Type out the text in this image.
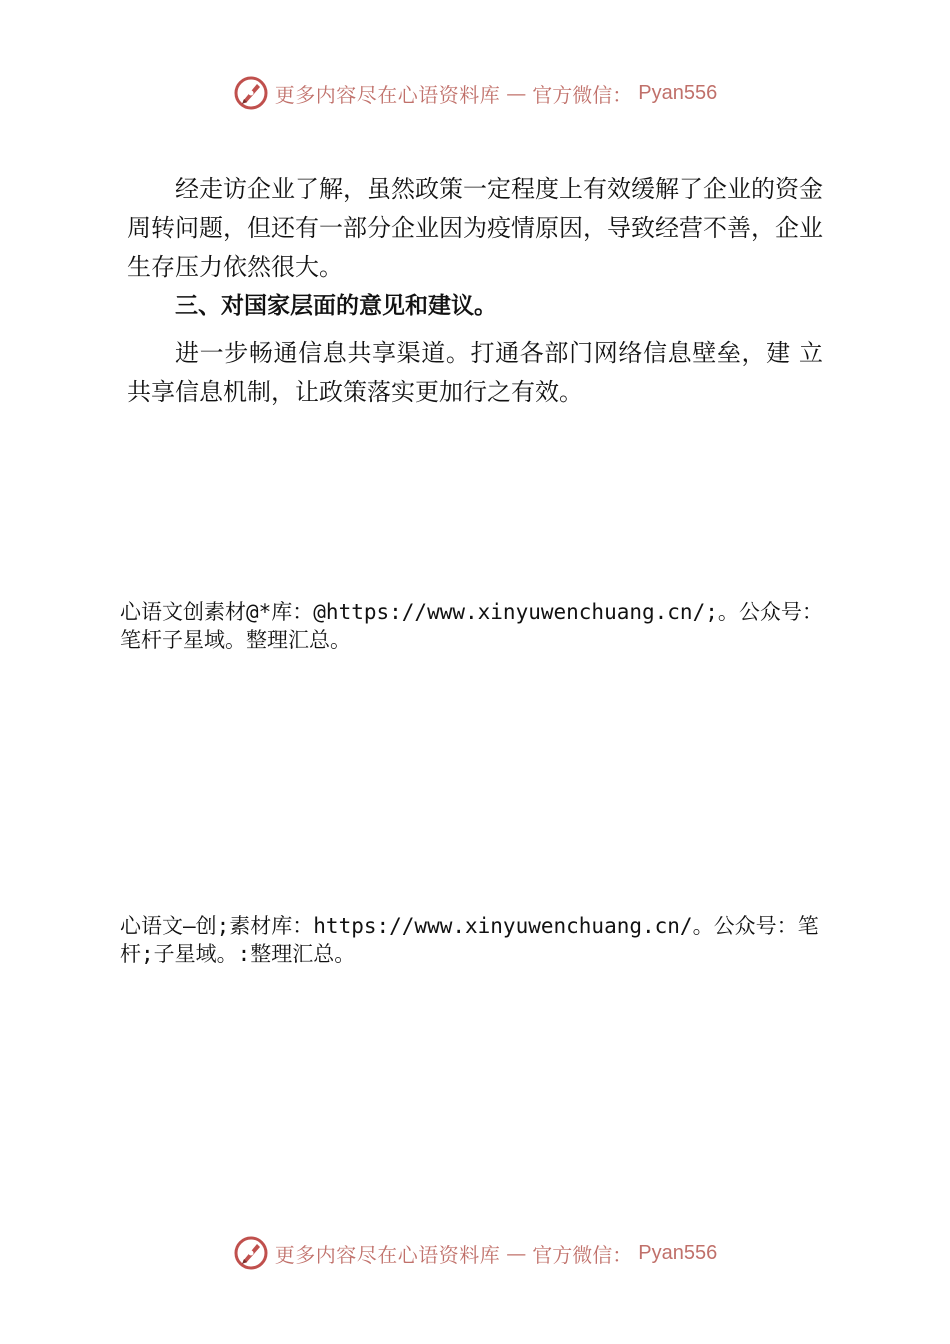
更多内容尽在心语资料库 — 官方微信： Pyan556

经走访企业了解，虽然政策一定程度上有效缓解了企业的资金周转问题，但还有一部分企业因为疫情原因，导致经营不善，企业生存压力依然很大。

三、对国家层面的意见和建议。

进一步畅通信息共享渠道。打通各部门网络信息壁垒，建 立共享信息机制，让政策落实更加行之有效。

心语文创素材@*库：@https://www.xinyuwenchuang.cn/;。公众号：笔杆子星域。整理汇总。

心语文—创;素材库：https://www.xinyuwenchuang.cn/。公众号：笔杆;子星域。:整理汇总。

更多内容尽在心语资料库 — 官方微信： Pyan556
